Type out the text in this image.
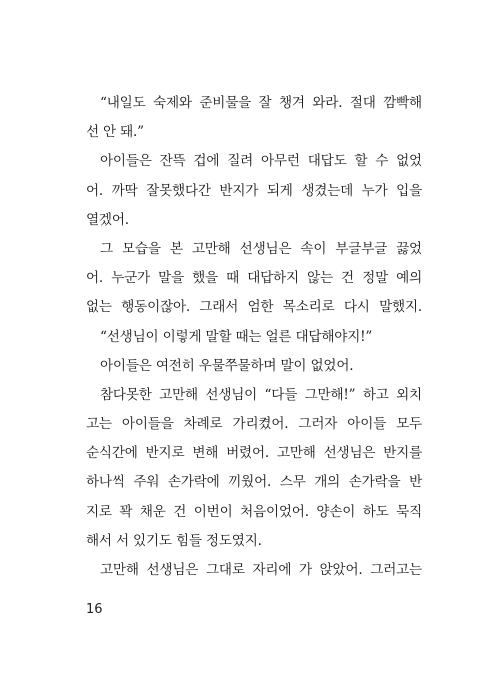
“내일도 숙제와 준비물을 잘 챙겨 와라. 절대 깜빡해
선 안 돼.”
아이들은 잔뜩 겁에 질려 아무런 대답도 할 수 없었
어. 까딱 잘못했다간 반지가 되게 생겼는데 누가 입을
열겠어.
그 모습을 본 고만해 선생님은 속이 부글부글 끓었
어. 누군가 말을 했을 때 대답하지 않는 건 정말 예의
없는 행동이잖아. 그래서 엄한 목소리로 다시 말했지.
“선생님이 이렇게 말할 때는 얼른 대답해야지!”
아이들은 여전히 우물쭈물하며 말이 없었어.
참다못한 고만해 선생님이 “다들 그만해!” 하고 외치
고는 아이들을 차례로 가리켰어. 그러자 아이들 모두
순식간에 반지로 변해 버렸어. 고만해 선생님은 반지를
하나씩 주워 손가락에 끼웠어. 스무 개의 손가락을 반
지로 꽉 채운 건 이번이 처음이었어. 양손이 하도 묵직
해서 서 있기도 힘들 정도였지.
고만해 선생님은 그대로 자리에 가 앉았어. 그러고는
16
